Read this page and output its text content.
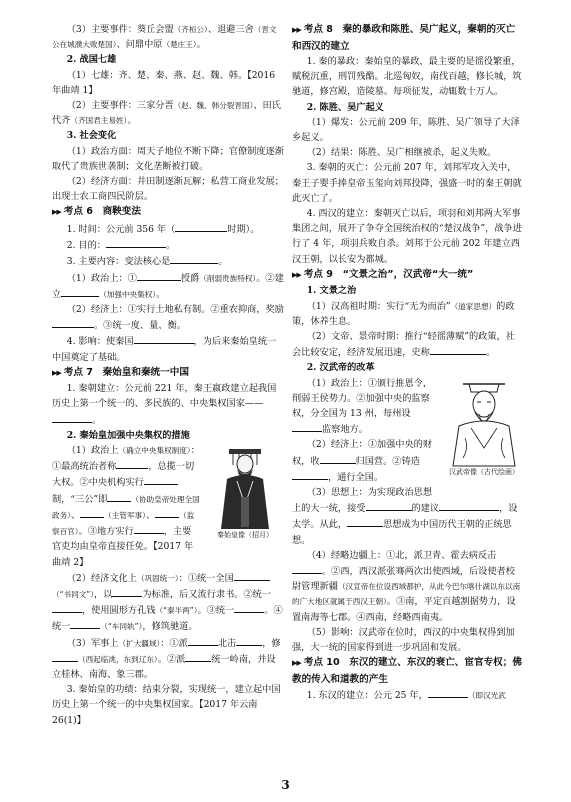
（3）主要事件：葵丘会盟（齐桓公）、退避三舍（晋文公在城濮大败楚国）、问鼎中原（楚庄王）。

2. 战国七雄

（1）七雄：齐、楚、秦、燕、赵、魏、韩。【2016 年曲靖 1】

（2）主要事件：三家分晋（赵、魏、韩分裂晋国）、田氏代齐（齐国君主易姓）。

3. 社会变化

（1）政治方面：周天子地位不断下降；官僚制度逐渐取代了贵族世袭制；文化垄断被打破。

（2）经济方面：井田制逐渐瓦解；私营工商业发展；出现士农工商四民阶层。

▶▶ 考点 6　商鞅变法

1. 时间：公元前 356 年（	时期）。

2. 目的：	。

3. 主要内容：变法核心是	。

（1）政治上：①	授爵（削弱贵族特权）。②建立	（加强中央集权）。

（2）经济上：①实行土地私有制。②重农抑商，奖励。③统一度、量、衡。

4. 影响：使秦国	，为后来秦始皇统一中国奠定了基础。

▶▶ 考点 7　秦始皇和秦统一中国

1. 秦朝建立：公元前 221 年，秦王嬴政建立起我国历史上第一个统一的、多民族的、中央集权国家——。

2. 秦始皇加强中央集权的措施

秦始皇像（招月）

（1）政治上（确立中央集权制度）：①最高统治者称	，总揽一切大权。②中央机构实行制，“三公”即	（协助皇帝处理全国政务）、	（主管军事）、	（监察百官）。③地方实行	，主要官吏均由皇帝直接任免。【2017 年曲靖 2】

（2）经济文化上（巩固统一）：①统一全国（“书同文”），以	为标准，后又流行隶书。②统一，使用圆形方孔钱（“秦半两”）。③统一	。④统一	（“车同轨”），修筑驰道。

（3）军事上（扩大疆域）：①派	北击	，修（西起临洮，东到辽东）。②派	统一岭南，并设立桂林、南海、象三郡。

3. 秦始皇的功绩：结束分裂，实现统一，建立起中国历史上第一个统一的中央集权国家。【2017 年云南 26(1)】

▶▶ 考点 8　秦的暴政和陈胜、吴广起义，秦朝的灭亡和西汉的建立

1. 秦的暴政：秦始皇的暴政，最主要的是徭役繁重，赋税沉重，刑罚残酷。北巡匈奴，南伐百越，修长城，筑驰道，修宫殿，造陵墓。每项征发，动辄数十万人。

2. 陈胜、吴广起义

（1）爆发：公元前 209 年，陈胜、吴广领导了大泽乡起义。

（2）结果：陈胜、吴广相继被杀，起义失败。

3. 秦朝的灭亡：公元前 207 年，刘邦军攻入关中，秦王子婴手捧皇帝玉玺向刘邦投降，强盛一时的秦王朝就此灭亡了。

4. 西汉的建立：秦朝灭亡以后，项羽和刘邦两大军事集团之间，展开了争夺全国统治权的“楚汉战争”，战争进行了 4 年，项羽兵败自杀。刘邦于公元前 202 年建立西汉王朝，以长安为都城。

▶▶ 考点 9　“文景之治”，汉武帝“大一统”

1. 文景之治

（1）汉高祖时期：实行“无为而治”（道家思想）的政策，休养生息。

（2）文帝、景帝时期：推行“轻徭薄赋”的政策，社会比较安定，经济发展迅速，史称	。

2. 汉武帝的改革

汉武帝像（古代绘画）

（1）政治上：①颁行推恩令，削弱王侯势力。②加强中央的监察权，分全国为 13 州，每州设监察地方。

（2）经济上：①加强中央的财权，收	归国营。②铸造，通行全国。

（3）思想上：为实现政治思想上的大一统，接受	的建议	，设太学。从此，	思想成为中国历代王朝的正统思想。

（4）经略边疆上：①北，派卫青、霍去病反击。②西，西汉派张骞两次出使西域，后设使者校尉管理新疆（汉宣帝在位设西域都护，从此今巴尔喀什湖以东以南的广大地区就属于西汉王朝）。③南，平定百越割据势力，设置南海等七郡。④西南，经略西南夷。

（5）影响：汉武帝在位时，西汉的中央集权得到加强，大一统的国家得到进一步巩固和发展。

▶▶ 考点 10　东汉的建立、东汉的衰亡、宦官专权；佛教的传入和道教的产生

1. 东汉的建立：公元 25 年，	（即汉光武

3
